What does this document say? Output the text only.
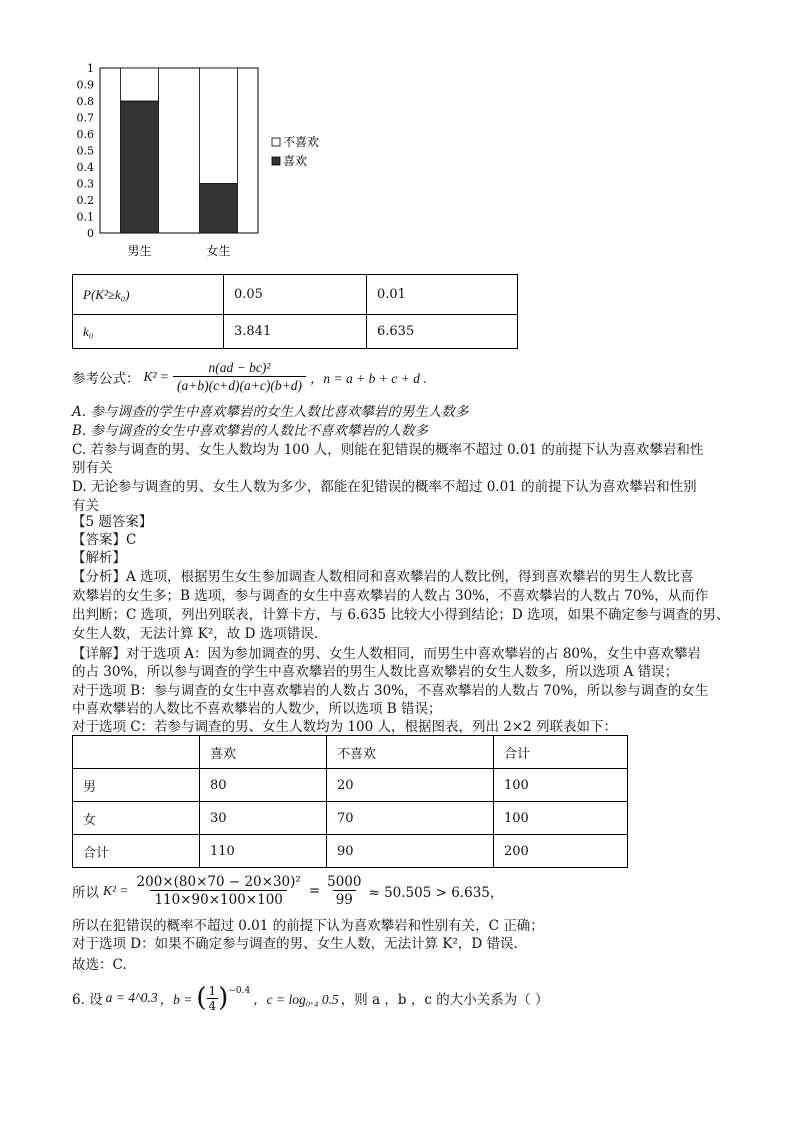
0
0.1
0.2
0.3
0.4
0.5
0.6
0.7
0.8
0.9
1
男生	女生
不喜欢
喜欢
P(K²≥k₀)	0.05	0.01
k₀	3.841	6.635
参考公式： $K^2 = \frac{\text{n(ad − bc)²}}{(a+b)(c+d)(a+c)(b+d)}$ ，n = a + b + c + d .
A. 参与调查的学生中喜欢攀岩的女生人数比喜欢攀岩的男生人数多
B. 参与调查的女生中喜欢攀岩的人数比不喜欢攀岩的人数多
C. 若参与调查的男、女生人数均为 100 人，则能在犯错误的概率不超过 0.01 的前提下认为喜欢攀岩和性
别有关
D. 无论参与调查的男、女生人数为多少，都能在犯错误的概率不超过 0.01 的前提下认为喜欢攀岩和性别
有关
【5 题答案】
【答案】C
【解析】
【分析】A 选项，根据男生女生参加调查人数相同和喜欢攀岩的人数比例，得到喜欢攀岩的男生人数比喜
欢攀岩的女生多；B 选项，参与调查的女生中喜欢攀岩的人数占 30%，不喜欢攀岩的人数占 70%，从而作
出判断；C 选项，列出列联表，计算卡方，与 6.635 比较大小得到结论；D 选项，如果不确定参与调查的男、
女生人数，无法计算 K²，故 D 选项错误.
【详解】对于选项 A：因为参加调查的男、女生人数相同，而男生中喜欢攀岩的占 80%，女生中喜欢攀岩
的占 30%，所以参与调查的学生中喜欢攀岩的男生人数比喜欢攀岩的女生人数多，所以选项 A 错误；
对于选项 B：参与调查的女生中喜欢攀岩的人数占 30%，不喜欢攀岩的人数占 70%，所以参与调查的女生
中喜欢攀岩的人数比不喜欢攀岩的人数少，所以选项 B 错误；
对于选项 C：若参与调查的男、女生人数均为 100 人，根据图表，列出 2×2 列联表如下：
	喜欢	不喜欢	合计
男	80	20	100
女	30	70	100
合计	110	90	200
所以 $K^2 = \frac{\text{200×(80×70 − 20×30)²}}{110\times 90\times 100\times 100} = \frac{5000}{99} \approx 50.505 > 6.635$，
所以在犯错误的概率不超过 0.01 的前提下认为喜欢攀岩和性别有关，C 正确；
对于选项 D：如果不确定参与调查的男、女生人数，无法计算 K²，D 错误.
故选：C.
6. 设 a = 4^0.3 ，b = ( $\frac{1}{4}$ ) −0.4
，c = log₀.₄ 0.5 ，则 a ，b ，c 的大小关系为（ ）
